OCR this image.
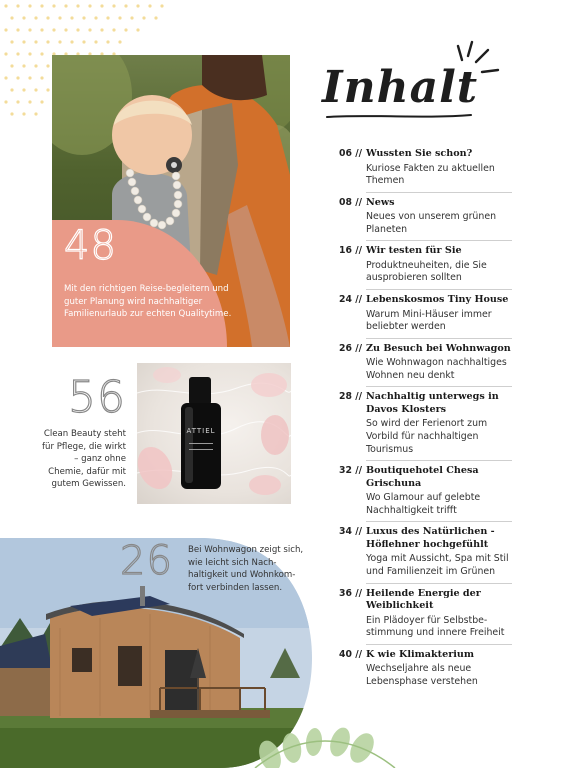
Inhalt
48
Mit den richtigen Reise-begleitern und guter Planung wird nachhaltiger Familienurlaub zur echten Qualitytime.
56
Clean Beauty steht für Pflege, die wirkt – ganz ohne Chemie, dafür mit gutem Gewissen.
ATTIEL
26 Bei Wohnwagon zeigt sich, wie leicht sich Nach-haltigkeit und Wohnkom-fort verbinden lassen.
06 // Wussten Sie schon?
Kuriose Fakten zu aktuellen Themen
08 // News
Neues von unserem grünen Planeten
16 // Wir testen für Sie
Produktneuheiten, die Sie ausprobieren sollten
24 // Lebenskosmos Tiny House
Warum Mini-Häuser immer beliebter werden
26 // Zu Besuch bei Wohnwagon
Wie Wohnwagon nachhaltiges Wohnen neu denkt
28 // Nachhaltig unterwegs in Davos Klosters
So wird der Ferienort zum Vorbild für nachhaltigen Tourismus
32 // Boutiquehotel Chesa Grischuna
Wo Glamour auf gelebte Nachhaltigkeit trifft
34 // Luxus des Natürlichen - Höflehner hochgefühlt
Yoga mit Aussicht, Spa mit Stil und Familienzeit im Grünen
36 // Heilende Energie der Weiblichkeit
Ein Plädoyer für Selbstbe-stimmung und innere Freiheit
40 // K wie Klimakterium
Wechseljahre als neue Lebensphase verstehen
